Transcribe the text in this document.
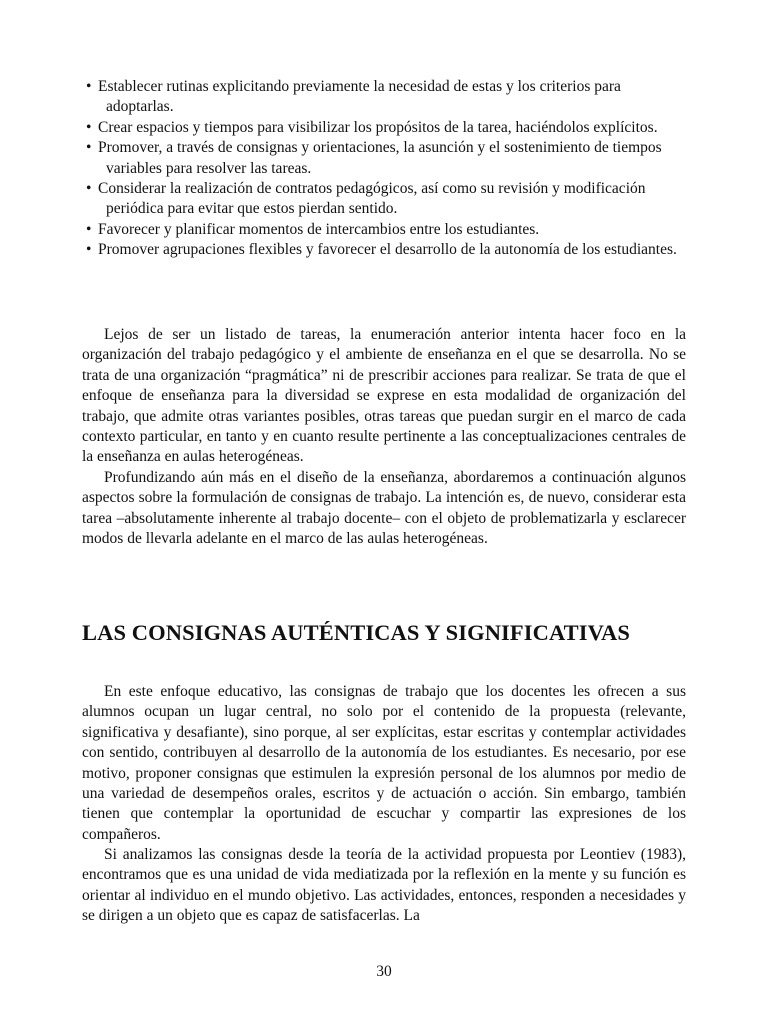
• Establecer rutinas explicitando previamente la necesidad de estas y los criterios para adoptarlas.
• Crear espacios y tiempos para visibilizar los propósitos de la tarea, haciéndolos explícitos.
• Promover, a través de consignas y orientaciones, la asunción y el sostenimiento de tiempos variables para resolver las tareas.
• Considerar la realización de contratos pedagógicos, así como su revisión y modificación periódica para evitar que estos pierdan sentido.
• Favorecer y planificar momentos de intercambios entre los estudiantes.
• Promover agrupaciones flexibles y favorecer el desarrollo de la autonomía de los estudiantes.

Lejos de ser un listado de tareas, la enumeración anterior intenta hacer foco en la organización del trabajo pedagógico y el ambiente de enseñanza en el que se desarrolla. No se trata de una organización “pragmática” ni de prescribir acciones para realizar. Se trata de que el enfoque de enseñanza para la diversidad se exprese en esta modalidad de organización del trabajo, que admite otras variantes posibles, otras tareas que puedan surgir en el marco de cada contexto particular, en tanto y en cuanto resulte pertinente a las conceptualizaciones centrales de la enseñanza en aulas heterogéneas.

Profundizando aún más en el diseño de la enseñanza, abordaremos a continuación algunos aspectos sobre la formulación de consignas de trabajo. La intención es, de nuevo, considerar esta tarea –absolutamente inherente al trabajo docente– con el objeto de problematizarla y esclarecer modos de llevarla adelante en el marco de las aulas heterogéneas.

LAS CONSIGNAS AUTÉNTICAS Y SIGNIFICATIVAS

En este enfoque educativo, las consignas de trabajo que los docentes les ofrecen a sus alumnos ocupan un lugar central, no solo por el contenido de la propuesta (relevante, significativa y desafiante), sino porque, al ser explícitas, estar escritas y contemplar actividades con sentido, contribuyen al desarrollo de la autonomía de los estudiantes. Es necesario, por ese motivo, proponer consignas que estimulen la expresión personal de los alumnos por medio de una variedad de desempeños orales, escritos y de actuación o acción. Sin embargo, también tienen que contemplar la oportunidad de escuchar y compartir las expresiones de los compañeros.

Si analizamos las consignas desde la teoría de la actividad propuesta por Leontiev (1983), encontramos que es una unidad de vida mediatizada por la reflexión en la mente y su función es orientar al individuo en el mundo objetivo. Las actividades, entonces, responden a necesidades y se dirigen a un objeto que es capaz de satisfacerlas. La

30
